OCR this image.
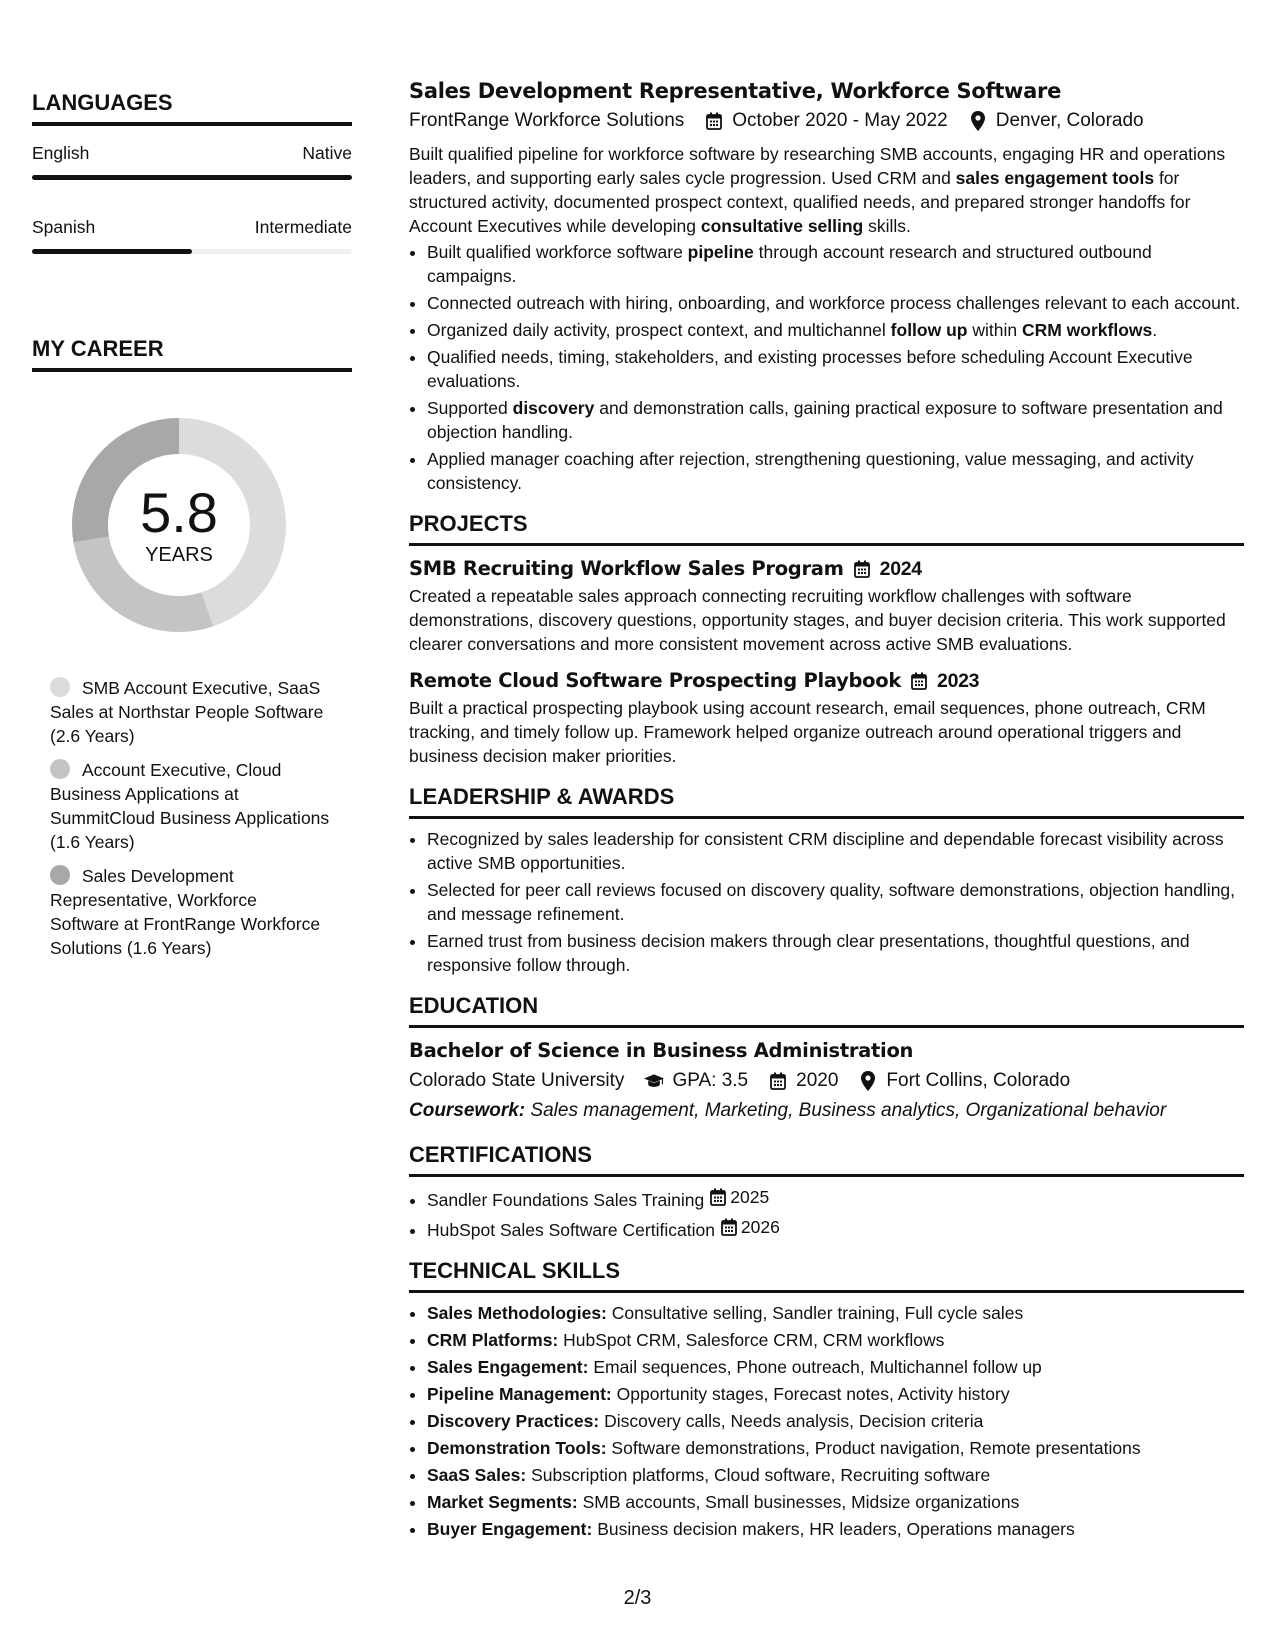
LANGUAGES
English	Native
Spanish	Intermediate
MY CAREER
5.8
YEARS
SMB Account Executive, SaaS Sales at Northstar People Software (2.6 Years)
Account Executive, Cloud Business Applications at SummitCloud Business Applications (1.6 Years)
Sales Development Representative, Workforce Software at FrontRange Workforce Solutions (1.6 Years)
Sales Development Representative, Workforce Software
FrontRange Workforce Solutions	October 2020 - May 2022	Denver, Colorado
Built qualified pipeline for workforce software by researching SMB accounts, engaging HR and operations leaders, and supporting early sales cycle progression. Used CRM and sales engagement tools for structured activity, documented prospect context, qualified needs, and prepared stronger handoffs for Account Executives while developing consultative selling skills.
• Built qualified workforce software pipeline through account research and structured outbound campaigns.
• Connected outreach with hiring, onboarding, and workforce process challenges relevant to each account.
• Organized daily activity, prospect context, and multichannel follow up within CRM workflows.
• Qualified needs, timing, stakeholders, and existing processes before scheduling Account Executive evaluations.
• Supported discovery and demonstration calls, gaining practical exposure to software presentation and objection handling.
• Applied manager coaching after rejection, strengthening questioning, value messaging, and activity consistency.
PROJECTS
SMB Recruiting Workflow Sales Program 2024
Created a repeatable sales approach connecting recruiting workflow challenges with software demonstrations, discovery questions, opportunity stages, and buyer decision criteria. This work supported clearer conversations and more consistent movement across active SMB evaluations.
Remote Cloud Software Prospecting Playbook 2023
Built a practical prospecting playbook using account research, email sequences, phone outreach, CRM tracking, and timely follow up. Framework helped organize outreach around operational triggers and business decision maker priorities.
LEADERSHIP & AWARDS
• Recognized by sales leadership for consistent CRM discipline and dependable forecast visibility across active SMB opportunities.
• Selected for peer call reviews focused on discovery quality, software demonstrations, objection handling, and message refinement.
• Earned trust from business decision makers through clear presentations, thoughtful questions, and responsive follow through.
EDUCATION
Bachelor of Science in Business Administration
Colorado State University	GPA: 3.5	2020	Fort Collins, Colorado
Coursework: Sales management, Marketing, Business analytics, Organizational behavior
CERTIFICATIONS
• Sandler Foundations Sales Training 2025
• HubSpot Sales Software Certification 2026
TECHNICAL SKILLS
• Sales Methodologies: Consultative selling, Sandler training, Full cycle sales
• CRM Platforms: HubSpot CRM, Salesforce CRM, CRM workflows
• Sales Engagement: Email sequences, Phone outreach, Multichannel follow up
• Pipeline Management: Opportunity stages, Forecast notes, Activity history
• Discovery Practices: Discovery calls, Needs analysis, Decision criteria
• Demonstration Tools: Software demonstrations, Product navigation, Remote presentations
• SaaS Sales: Subscription platforms, Cloud software, Recruiting software
• Market Segments: SMB accounts, Small businesses, Midsize organizations
• Buyer Engagement: Business decision makers, HR leaders, Operations managers
2/3
